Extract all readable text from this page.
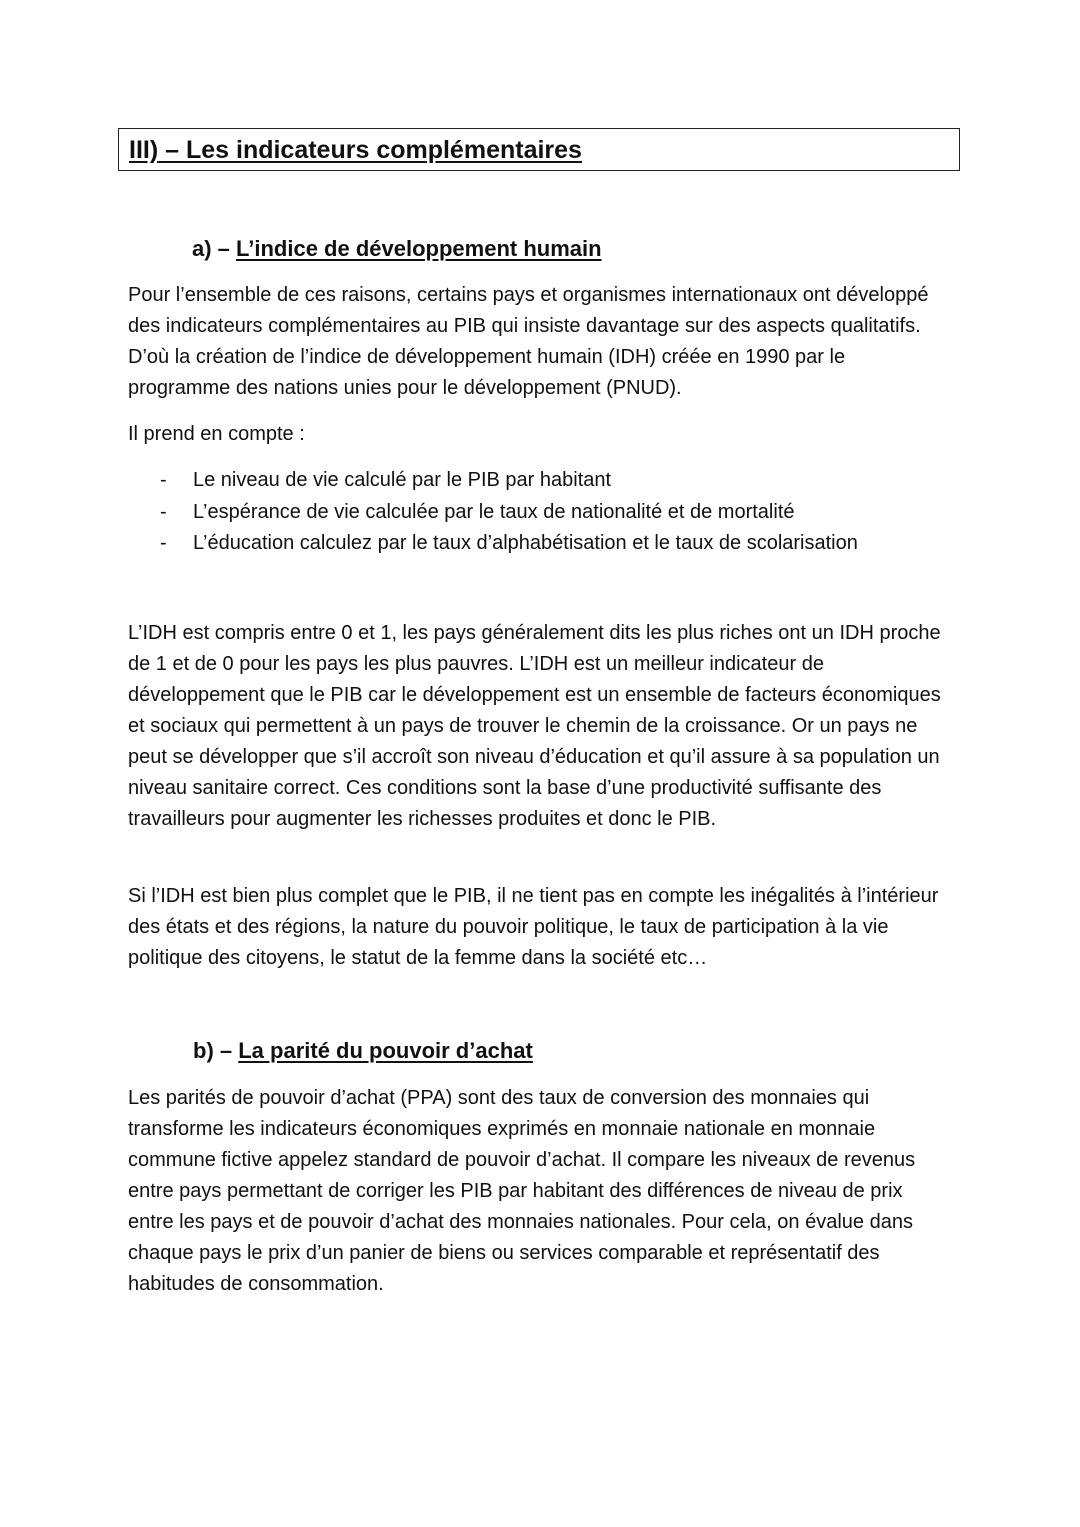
III) – Les indicateurs complémentaires
a) – L’indice de développement humain

Pour l’ensemble de ces raisons, certains pays et organismes internationaux ont développé des indicateurs complémentaires au PIB qui insiste davantage sur des aspects qualitatifs. D’où la création de l’indice de développement humain (IDH) créée en 1990 par le programme des nations unies pour le développement (PNUD).

Il prend en compte :

- Le niveau de vie calculé par le PIB par habitant
- L’espérance de vie calculée par le taux de nationalité et de mortalité
- L’éducation calculez par le taux d’alphabétisation et le taux de scolarisation

L’IDH est compris entre 0 et 1, les pays généralement dits les plus riches ont un IDH proche de 1 et de 0 pour les pays les plus pauvres. L’IDH est un meilleur indicateur de développement que le PIB car le développement est un ensemble de facteurs économiques et sociaux qui permettent à un pays de trouver le chemin de la croissance. Or un pays ne peut se développer que s’il accroît son niveau d’éducation et qu’il assure à sa population un niveau sanitaire correct. Ces conditions sont la base d’une productivité suffisante des travailleurs pour augmenter les richesses produites et donc le PIB.

Si l’IDH est bien plus complet que le PIB, il ne tient pas en compte les inégalités à l’intérieur des états et des régions, la nature du pouvoir politique, le taux de participation à la vie politique des citoyens, le statut de la femme dans la société etc…

b) – La parité du pouvoir d’achat

Les parités de pouvoir d’achat (PPA) sont des taux de conversion des monnaies qui transforme les indicateurs économiques exprimés en monnaie nationale en monnaie commune fictive appelez standard de pouvoir d’achat. Il compare les niveaux de revenus entre pays permettant de corriger les PIB par habitant des différences de niveau de prix entre les pays et de pouvoir d’achat des monnaies nationales. Pour cela, on évalue dans chaque pays le prix d’un panier de biens ou services comparable et représentatif des habitudes de consommation.
